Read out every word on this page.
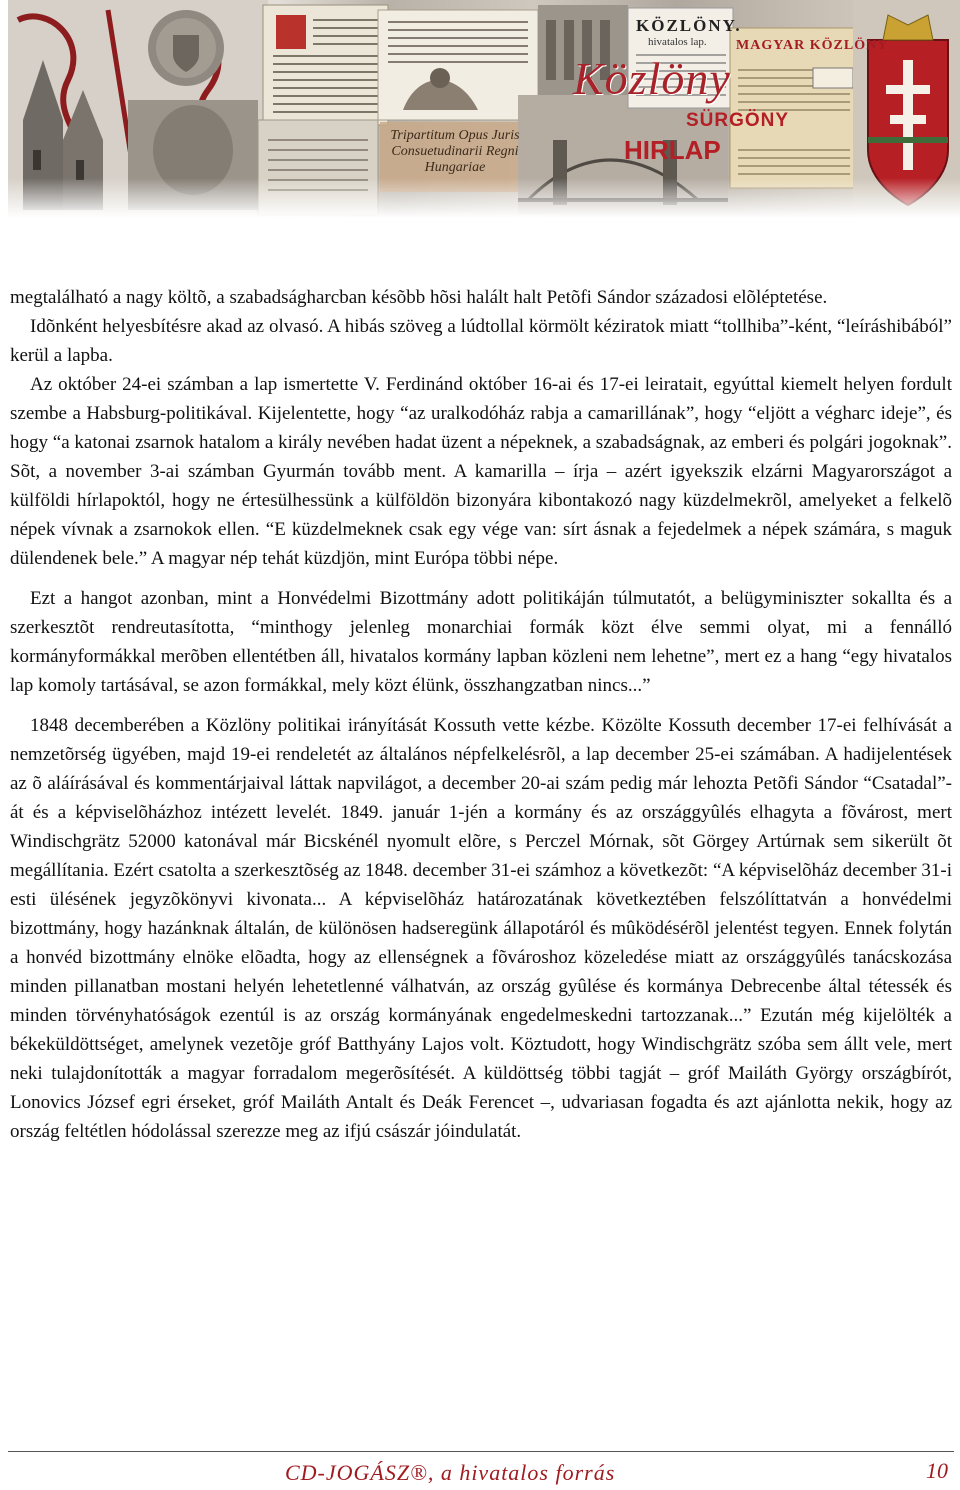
KÖZLÖNY.
hivatalos lap. MAGYAR KÖZLÖNY
Közlöny
SÜRGÖNY
HIRLAP
Tripartitum Opus Juris Consuetudinarii Regni Hungariae

megtalálható a nagy költõ, a szabadságharcban késõbb hõsi halált halt Petõfi Sándor századosi elõléptetése.

Idõnként helyesbítésre akad az olvasó. A hibás szöveg a lúdtollal körmölt kéziratok miatt “tollhiba”-ként, “leíráshibából” kerül a lapba.

Az október 24-ei számban a lap ismertette V. Ferdinánd október 16-ai és 17-ei leiratait, egyúttal kiemelt helyen fordult szembe a Habsburg-politikával. Kijelentette, hogy “az uralkodóház rabja a camarillának”, hogy “eljött a végharc ideje”, és hogy “a katonai zsarnok hatalom a király nevében hadat üzent a népeknek, a szabadságnak, az emberi és polgári jogoknak”. Sõt, a november 3-ai számban Gyurmán tovább ment. A kamarilla – írja – azért igyekszik elzárni Magyarországot a külföldi hírlapoktól, hogy ne értesülhessünk a külföldön bizonyára kibontakozó nagy küzdelmekrõl, amelyeket a felkelõ népek vívnak a zsarnokok ellen. “E küzdelmeknek csak egy vége van: sírt ásnak a fejedelmek a népek számára, s maguk dülendenek bele.” A magyar nép tehát küzdjön, mint Európa többi népe.

Ezt a hangot azonban, mint a Honvédelmi Bizottmány adott politikáján túlmutatót, a belügyminiszter sokallta és a szerkesztõt rendreutasította, “minthogy jelenleg monarchiai formák közt élve semmi olyat, mi a fennálló kormányformákkal merõben ellentétben áll, hivatalos kormány lapban közleni nem lehetne”, mert ez a hang “egy hivatalos lap komoly tartásával, se azon formákkal, mely közt élünk, összhangzatban nincs...”

1848 decemberében a Közlöny politikai irányítását Kossuth vette kézbe. Közölte Kossuth december 17-ei felhívását a nemzetõrség ügyében, majd 19-ei rendeletét az általános népfelkelésrõl, a lap december 25-ei számában. A hadijelentések az õ aláírásával és kommentárjaival láttak napvilágot, a december 20-ai szám pedig már lehozta Petõfi Sándor “Csatadal”-át és a képviselõházhoz intézett levelét. 1849. január 1-jén a kormány és az országgyûlés elhagyta a fõvárost, mert Windischgrätz 52000 katonával már Bicskénél nyomult elõre, s Perczel Mórnak, sõt Görgey Artúrnak sem sikerült õt megállítania. Ezért csatolta a szerkesztõség az 1848. december 31-ei számhoz a következõt: “A képviselõház december 31-i esti ülésének jegyzõkönyvi kivonata... A képviselõház határozatának következtében felszólíttatván a honvédelmi bizottmány, hogy hazánknak általán, de különösen hadseregünk állapotáról és mûködésérõl jelentést tegyen. Ennek folytán a honvéd bizottmány elnöke elõadta, hogy az ellenségnek a fõvároshoz közeledése miatt az országgyûlés tanácskozása minden pillanatban mostani helyén lehetetlenné válhatván, az ország gyûlése és kormánya Debrecenbe által tétessék és minden törvényhatóságok ezentúl is az ország kormányának engedelmeskedni tartozzanak...” Ezután még kijelölték a békeküldöttséget, amelynek vezetõje gróf Batthyány Lajos volt. Köztudott, hogy Windischgrätz szóba sem állt vele, mert neki tulajdonították a magyar forradalom megerõsítését. A küldöttség többi tagját – gróf Mailáth György országbírót, Lonovics József egri érseket, gróf Mailáth Antalt és Deák Ferencet –, udvariasan fogadta és azt ajánlotta nekik, hogy az ország feltétlen hódolással szerezze meg az ifjú császár jóindulatát.

CD-JOGÁSZ®, a hivatalos forrás	10
